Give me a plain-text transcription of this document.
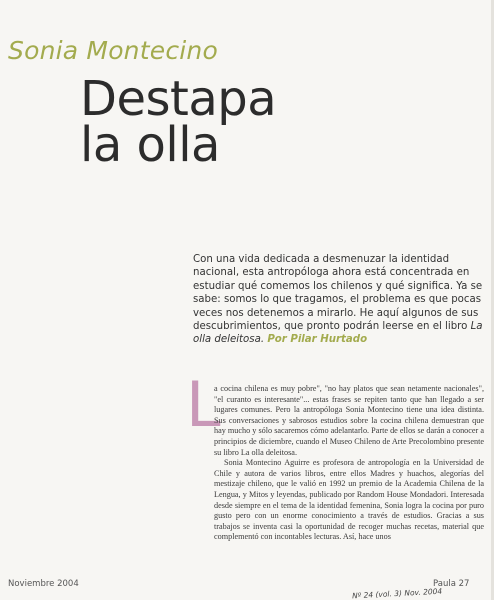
Sonia Montecino
Destapa
la olla
Con una vida dedicada a desmenuzar la identidad nacional, esta antropóloga ahora está concentrada en estudiar qué comemos los chilenos y qué significa. Ya se sabe: somos lo que tragamos, el problema es que pocas veces nos detenemos a mirarlo. He aquí algunos de sus descubrimientos, que pronto podrán leerse en el libro La olla deleitosa. Por Pilar Hurtado
L

a cocina chilena es muy pobre", "no hay platos que sean netamente nacionales", "el curanto es interesante"... estas frases se repiten tanto que han llegado a ser lugares comunes. Pero la antropóloga Sonia Montecino tiene una idea distinta. Sus conversaciones y sabrosos estudios sobre la cocina chilena demuestran que hay mucho y sólo sacaremos cómo adelantarlo. Parte de ellos se darán a conocer a principios de diciembre, cuando el Museo Chileno de Arte Precolombino presente su libro La olla deleitosa.

Sonia Montecino Aguirre es profesora de antropología en la Universidad de Chile y autora de varios libros, entre ellos Madres y huachos, alegorías del mestizaje chileno, que le valió en 1992 un premio de la Academia Chilena de la Lengua, y Mitos y leyendas, publicado por Random House Mondadori. Interesada desde siempre en el tema de la identidad femenina, Sonia logra la cocina por puro gusto pero con un enorme conocimiento a través de estudios. Gracias a sus trabajos se inventa casi la oportunidad de recoger muchas recetas, material que complementó con incontables lecturas. Así, hace unos

Noviembre 2004	Paula 27
Nº 24 (vol. 3) Nov. 2004
